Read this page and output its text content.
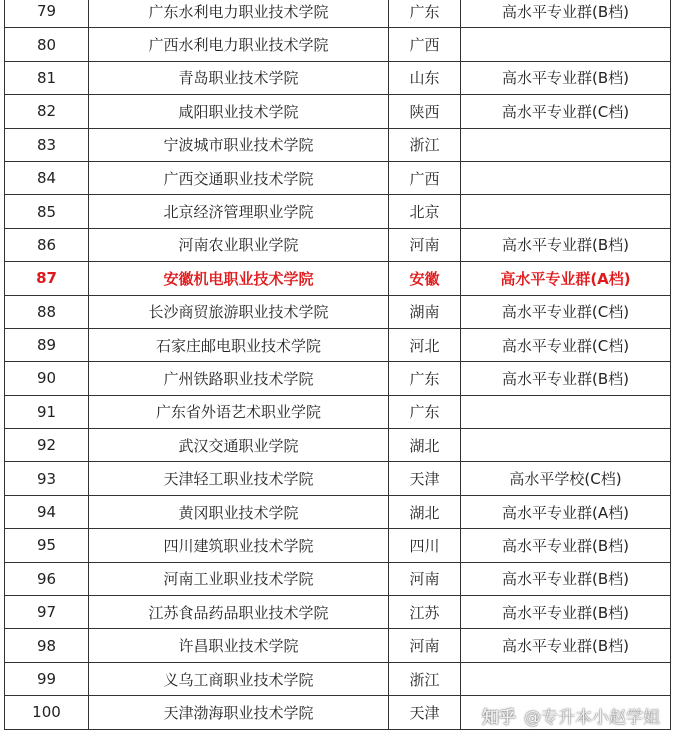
79	广东水利电力职业技术学院	广东	高水平专业群(B档)
80	广西水利电力职业技术学院	广西	
81	青岛职业技术学院	山东	高水平专业群(B档)
82	咸阳职业技术学院	陕西	高水平专业群(C档)
83	宁波城市职业技术学院	浙江	
84	广西交通职业技术学院	广西	
85	北京经济管理职业学院	北京	
86	河南农业职业学院	河南	高水平专业群(B档)
87	安徽机电职业技术学院	安徽	高水平专业群(A档)
88	长沙商贸旅游职业技术学院	湖南	高水平专业群(C档)
89	石家庄邮电职业技术学院	河北	高水平专业群(C档)
90	广州铁路职业技术学院	广东	高水平专业群(B档)
91	广东省外语艺术职业学院	广东	
92	武汉交通职业学院	湖北	
93	天津轻工职业技术学院	天津	高水平学校(C档)
94	黄冈职业技术学院	湖北	高水平专业群(A档)
95	四川建筑职业技术学院	四川	高水平专业群(B档)
96	河南工业职业技术学院	河南	高水平专业群(B档)
97	江苏食品药品职业技术学院	江苏	高水平专业群(B档)
98	许昌职业技术学院	河南	高水平专业群(B档)
99	义乌工商职业技术学院	浙江	
100	天津渤海职业技术学院	天津		知乎 @专升本小赵学姐
